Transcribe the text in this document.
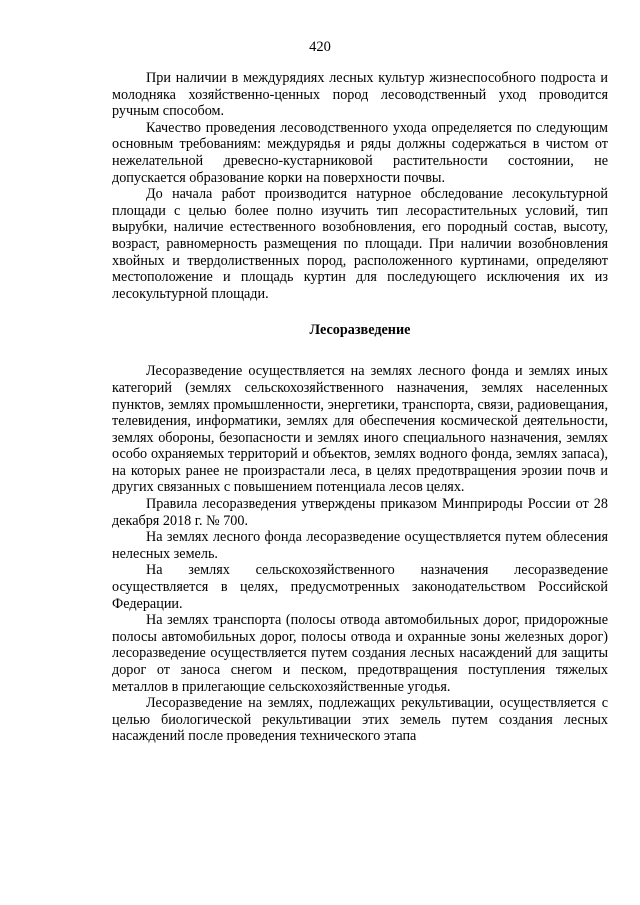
420

При наличии в междурядиях лесных культур жизнеспособного подроста и молодняка хозяйственно-ценных пород лесоводственный уход проводится ручным способом.

Качество проведения лесоводственного ухода определяется по следующим основным требованиям: междурядья и ряды должны содержаться в чистом от нежелательной древесно-кустарниковой растительности состоянии, не допускается образование корки на поверхности почвы.

До начала работ производится натурное обследование лесокультурной площади с целью более полно изучить тип лесорастительных условий, тип вырубки, наличие естественного возобновления, его породный состав, высоту, возраст, равномерность размещения по площади. При наличии возобновления хвойных и твердолиственных пород, расположенного куртинами, определяют местоположение и площадь куртин для последующего исключения их из лесокультурной площади.

Лесоразведение

Лесоразведение осуществляется на землях лесного фонда и землях иных категорий (землях сельскохозяйственного назначения, землях населенных пунктов, землях промышленности, энергетики, транспорта, связи, радиовещания, телевидения, информатики, землях для обеспечения космической деятельности, землях обороны, безопасности и землях иного специального назначения, землях особо охраняемых территорий и объектов, землях водного фонда, землях запаса), на которых ранее не произрастали леса, в целях предотвращения эрозии почв и других связанных с повышением потенциала лесов целях.

Правила лесоразведения утверждены приказом Минприроды России от 28 декабря 2018 г. № 700.

На землях лесного фонда лесоразведение осуществляется путем облесения нелесных земель.

На землях сельскохозяйственного назначения лесоразведение осуществляется в целях, предусмотренных законодательством Российской Федерации.

На землях транспорта (полосы отвода автомобильных дорог, придорожные полосы автомобильных дорог, полосы отвода и охранные зоны железных дорог) лесоразведение осуществляется путем создания лесных насаждений для защиты дорог от заноса снегом и песком, предотвращения поступления тяжелых металлов в прилегающие сельскохозяйственные угодья.

Лесоразведение на землях, подлежащих рекультивации, осуществляется с целью биологической рекультивации этих земель путем создания лесных насаждений после проведения технического этапа
